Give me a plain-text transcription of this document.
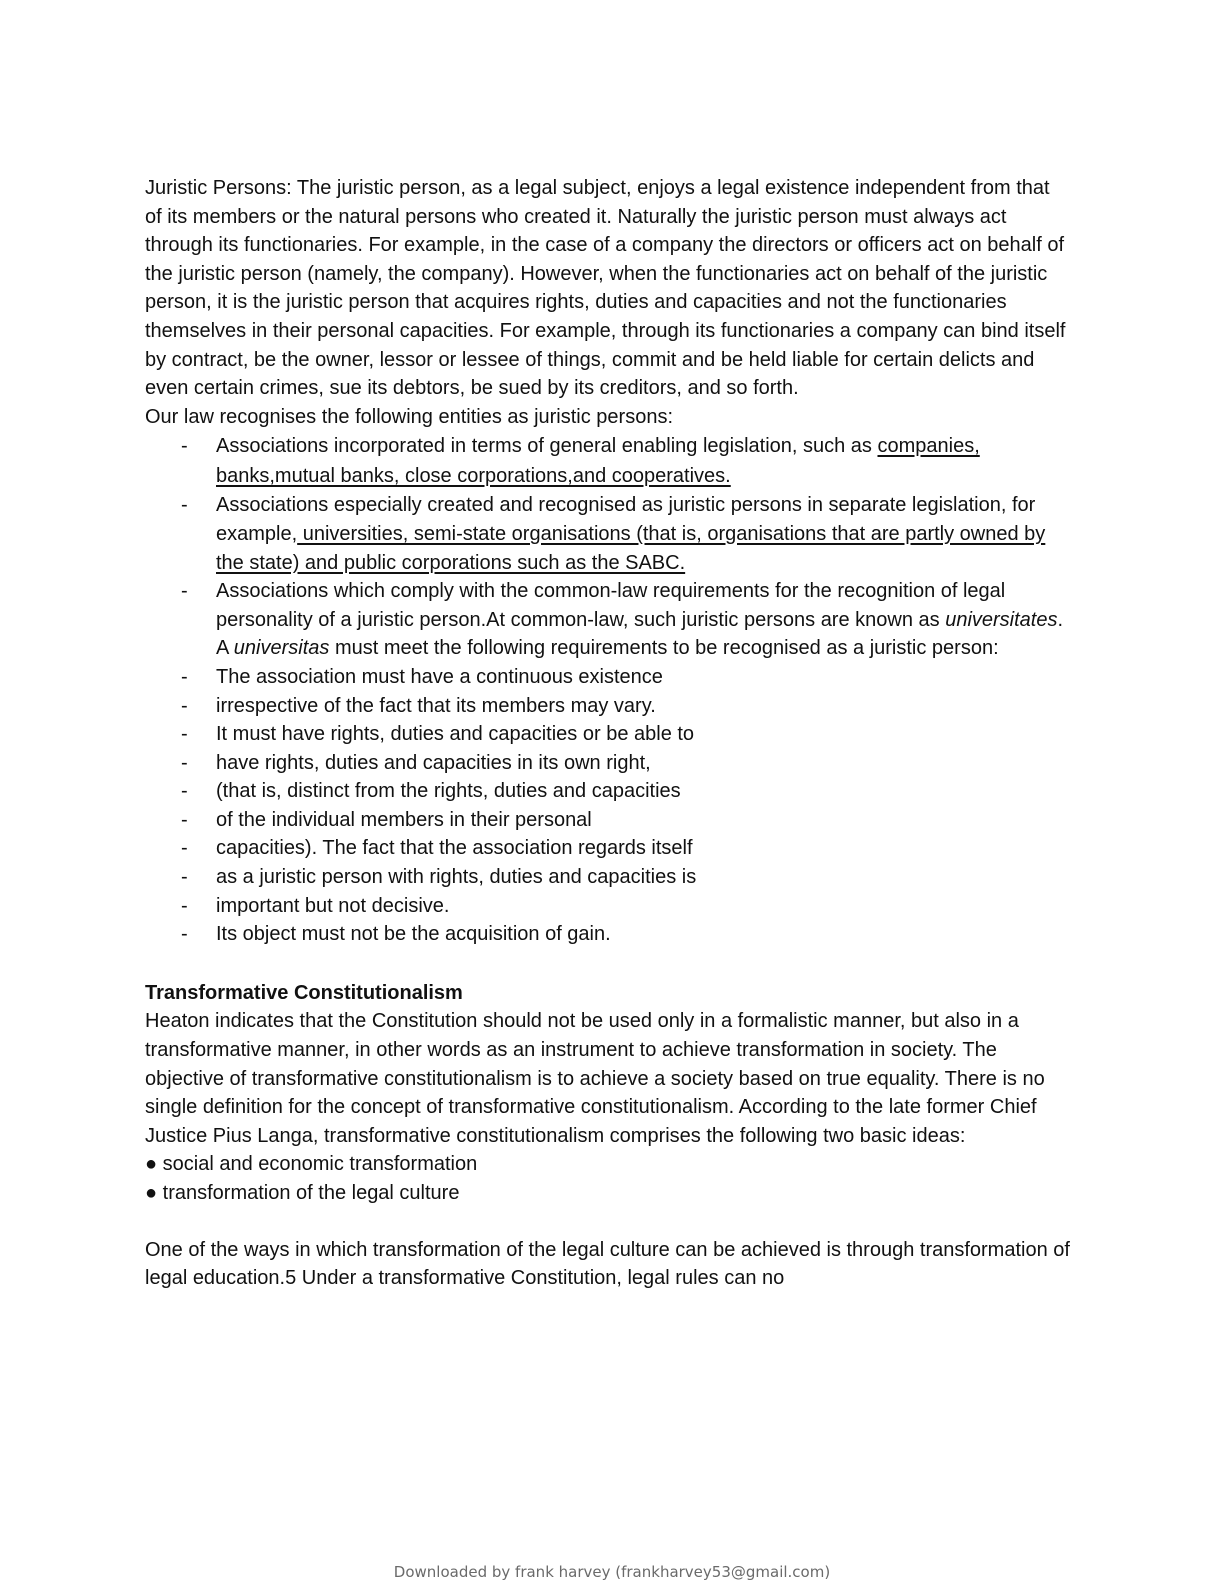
Juristic Persons: The juristic person, as a legal subject, enjoys a legal existence independent from that of its members or the natural persons who created it. Naturally the juristic person must always act through its functionaries. For example, in the case of a company the directors or officers act on behalf of the juristic person (namely, the company). However, when the functionaries act on behalf of the juristic person, it is the juristic person that acquires rights, duties and capacities and not the functionaries themselves in their personal capacities. For example, through its functionaries a company can bind itself by contract, be the owner, lessor or lessee of things, commit and be held liable for certain delicts and even certain crimes, sue its debtors, be sued by its creditors, and so forth.

Our law recognises the following entities as juristic persons:

- Associations incorporated in terms of general enabling legislation, such as companies, banks,mutual banks, close corporations,and cooperatives.
- Associations especially created and recognised as juristic persons in separate legislation, for example, universities, semi-state organisations (that is, organisations that are partly owned by the state) and public corporations such as the SABC.
- Associations which comply with the common-law requirements for the recognition of legal personality of a juristic person.At common-law, such juristic persons are known as universitates. A universitas must meet the following requirements to be recognised as a juristic person:
- The association must have a continuous existence
- irrespective of the fact that its members may vary.
- It must have rights, duties and capacities or be able to
- have rights, duties and capacities in its own right,
- (that is, distinct from the rights, duties and capacities
- of the individual members in their personal
- capacities). The fact that the association regards itself
- as a juristic person with rights, duties and capacities is
- important but not decisive.
- Its object must not be the acquisition of gain.
Transformative Constitutionalism

Heaton indicates that the Constitution should not be used only in a formalistic manner, but also in a transformative manner, in other words as an instrument to achieve transformation in society. The objective of transformative constitutionalism is to achieve a society based on true equality. There is no single definition for the concept of transformative constitutionalism. According to the late former Chief Justice Pius Langa, transformative constitutionalism comprises the following two basic ideas:

● social and economic transformation
● transformation of the legal culture

One of the ways in which transformation of the legal culture can be achieved is through transformation of legal education.5 Under a transformative Constitution, legal rules can no

Downloaded by frank harvey (frankharvey53@gmail.com)
